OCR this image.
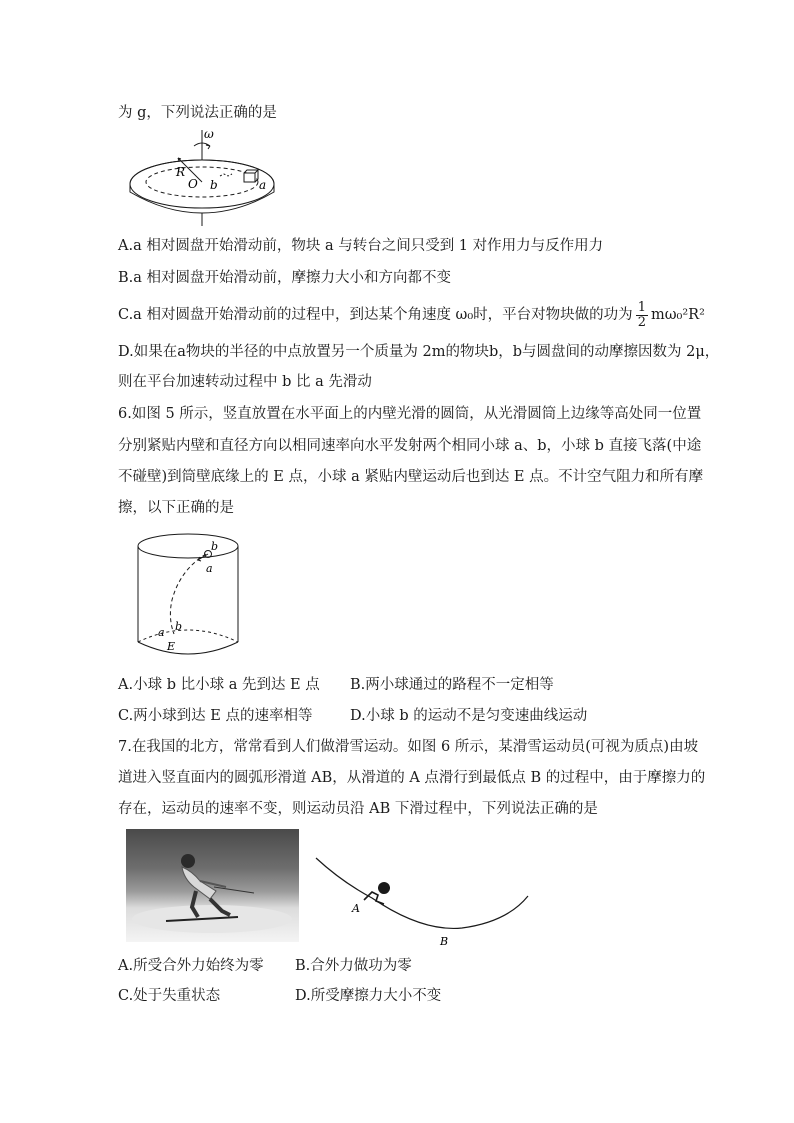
为 g，下列说法正确的是
ω
R
O b	a
A.a 相对圆盘开始滑动前，物块 a 与转台之间只受到 1 对作用力与反作用力
B.a 相对圆盘开始滑动前，摩擦力大小和方向都不变
C.a 相对圆盘开始滑动前的过程中，到达某个角速度 ω₀时，平台对物块做的功为 $\frac{1}{2} m\omega_0^2R^2$
D.如果在a物块的半径的中点放置另一个质量为 2m的物块b，b与圆盘间的动摩擦因数为 2μ，
则在平台加速转动过程中 b 比 a 先滑动
6.如图 5 所示，竖直放置在水平面上的内壁光滑的圆筒，从光滑圆筒上边缘等高处同一位置
分别紧贴内壁和直径方向以相同速率向水平发射两个相同小球 a、b，小球 b 直接飞落(中途
不碰壁)到筒壁底缘上的 E 点，小球 a 紧贴内壁运动后也到达 E 点。不计空气阻力和所有摩
擦，以下正确的是
b
a
a b
E
A.小球 b 比小球 a 先到达 E 点 B.两小球通过的路程不一定相等
C.两小球到达 E 点的速率相等	D.小球 b 的运动不是匀变速曲线运动
7.在我国的北方，常常看到人们做滑雪运动。如图 6 所示，某滑雪运动员(可视为质点)由坡
道进入竖直面内的圆弧形滑道 AB，从滑道的 A 点滑行到最低点 B 的过程中，由于摩擦力的
存在，运动员的速率不变，则运动员沿 AB 下滑过程中，下列说法正确的是
A
B
A.所受合外力始终为零 B.合外力做功为零
C.处于失重状态	D.所受摩擦力大小不变
